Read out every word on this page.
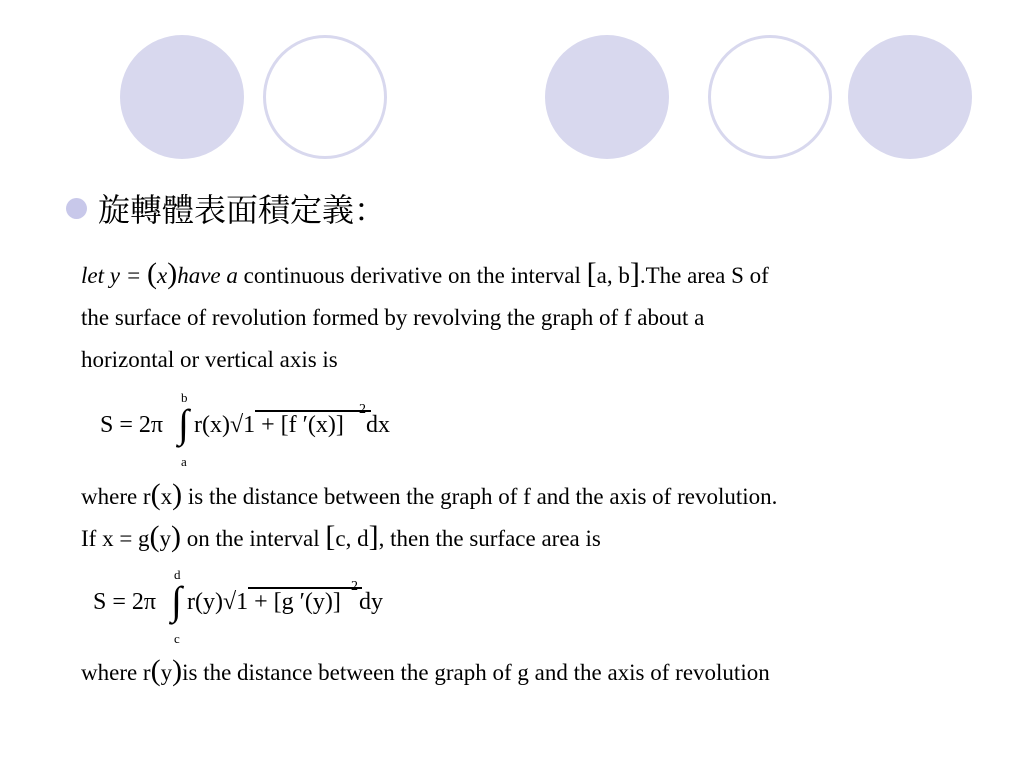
旋轉體表面積定義：
let y = (x)have a continuous derivative on the interval [a, b].The area S of
the surface of revolution formed by revolving the graph of f about a
horizontal or vertical axis is
S = 2π
b
∫
a
r(x)√1 + [f ′(x)]
2
dx
where r(x) is the distance between the graph of f and the axis of revolution.
If x = g(y) on the interval [c, d], then the surface area is
S = 2π
d
∫
c
r(y)√1 + [g ′(y)]
2
dy
where r(y)is the distance between the graph of g and the axis of revolution
